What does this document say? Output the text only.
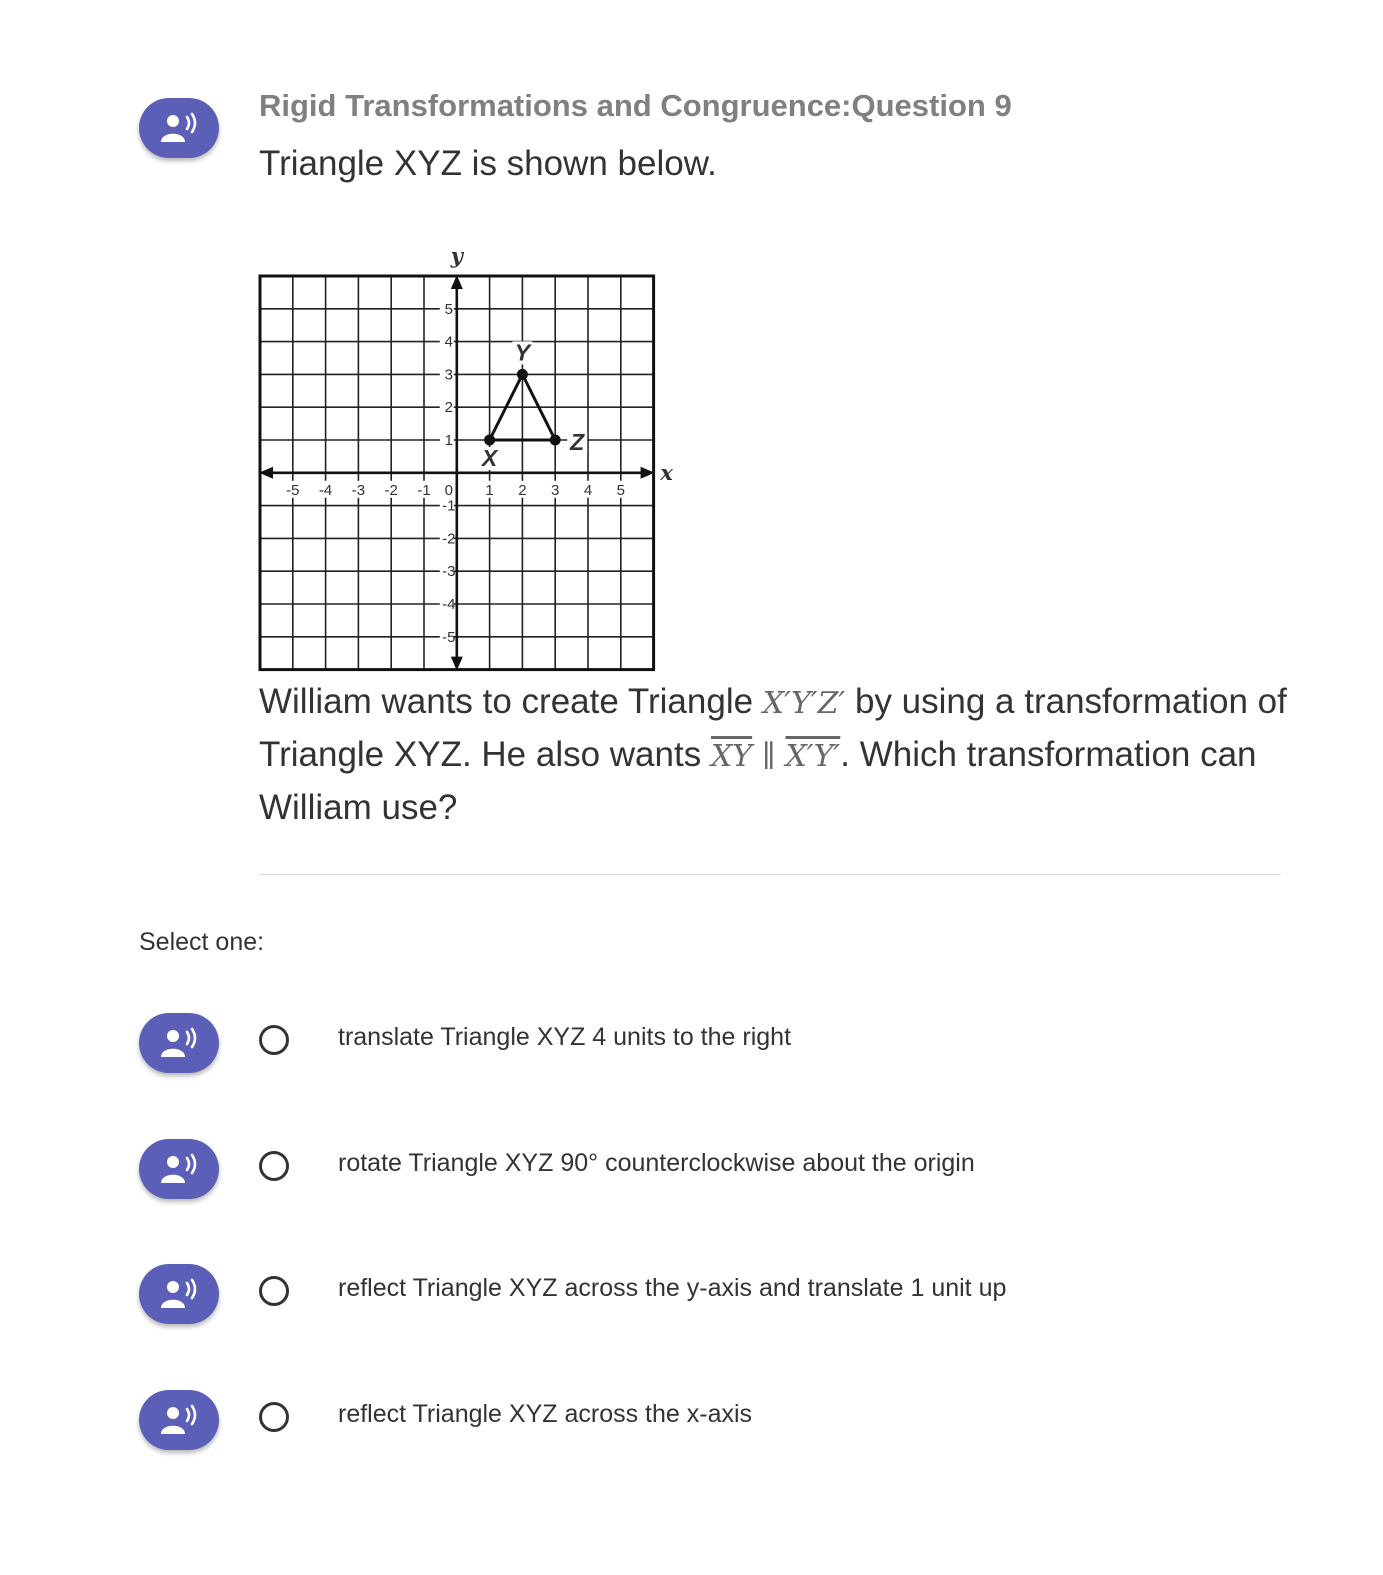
Rigid Transformations and Congruence:Question 9
Triangle XYZ is shown below.
x
y
-5 -4 -3 -2 -1	1 2 3 4 5
-5
-4
-3
-2
-1
1
2
3
4
5
0
X
Y
Z
William wants to create Triangle X′Y′Z′ by using a transformation of Triangle XYZ. He also wants $\overline{XY}$ ∥ X′Y′. Which transformation can William use?
Select one:
translate Triangle XYZ 4 units to the right
rotate Triangle XYZ 90° counterclockwise about the origin
reflect Triangle XYZ across the y-axis and translate 1 unit up
reflect Triangle XYZ across the x-axis
